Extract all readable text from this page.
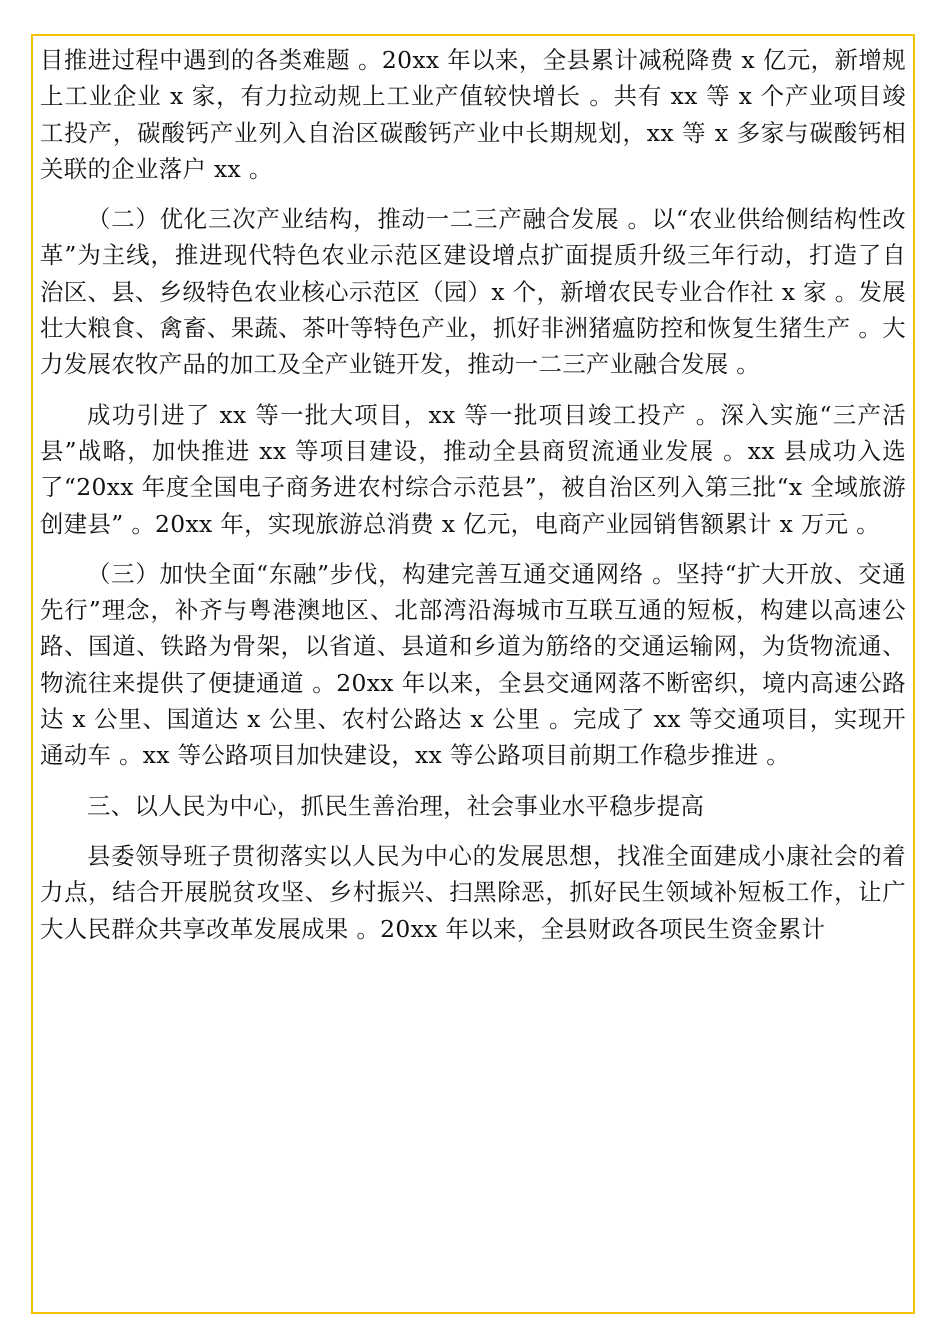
目推进过程中遇到的各类难题 。20xx 年以来，全县累计减税降费 x 亿元，新增规上工业企业 x 家，有力拉动规上工业产值较快增长 。共有 xx 等 x 个产业项目竣工投产，碳酸钙产业列入自治区碳酸钙产业中长期规划，xx 等 x 多家与碳酸钙相关联的企业落户 xx 。

（二）优化三次产业结构，推动一二三产融合发展 。以“农业供给侧结构性改革”为主线，推进现代特色农业示范区建设增点扩面提质升级三年行动，打造了自治区、县、乡级特色农业核心示范区（园）x 个，新增农民专业合作社 x 家 。发展壮大粮食、禽畜、果蔬、茶叶等特色产业，抓好非洲猪瘟防控和恢复生猪生产 。大力发展农牧产品的加工及全产业链开发，推动一二三产业融合发展 。

成功引进了 xx 等一批大项目，xx 等一批项目竣工投产 。深入实施“三产活县”战略，加快推进 xx 等项目建设，推动全县商贸流通业发展 。xx 县成功入选了“20xx 年度全国电子商务进农村综合示范县”，被自治区列入第三批“x 全域旅游创建县” 。20xx 年，实现旅游总消费 x 亿元，电商产业园销售额累计 x 万元 。

（三）加快全面“东融”步伐，构建完善互通交通网络 。坚持“扩大开放、交通先行”理念，补齐与粤港澳地区、北部湾沿海城市互联互通的短板，构建以高速公路、国道、铁路为骨架，以省道、县道和乡道为筋络的交通运输网，为货物流通、物流往来提供了便捷通道 。20xx 年以来，全县交通网落不断密织，境内高速公路达 x 公里、国道达 x 公里、农村公路达 x 公里 。完成了 xx 等交通项目，实现开通动车 。xx 等公路项目加快建设，xx 等公路项目前期工作稳步推进 。

三、以人民为中心，抓民生善治理，社会事业水平稳步提高

县委领导班子贯彻落实以人民为中心的发展思想，找准全面建成小康社会的着力点，结合开展脱贫攻坚、乡村振兴、扫黑除恶，抓好民生领域补短板工作，让广大人民群众共享改革发展成果 。20xx 年以来，全县财政各项民生资金累计
